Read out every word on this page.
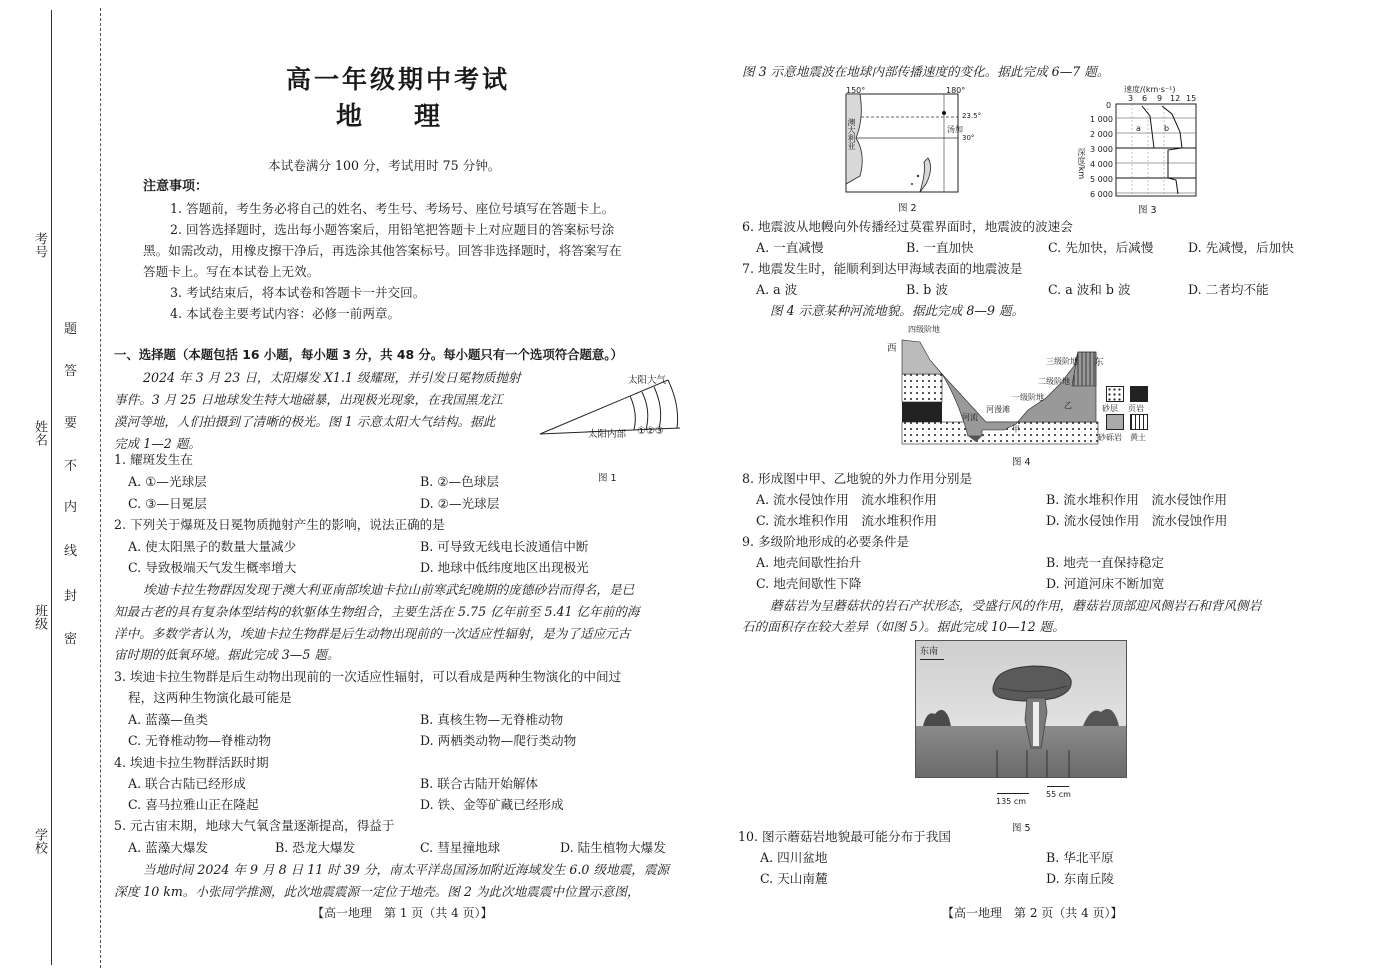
考号
姓名
班级
学校
题
答
要
不
内
线
封
密
高一年级期中考试
地　　理
本试卷满分 100 分，考试用时 75 分钟。
注意事项：
1. 答题前，考生务必将自己的姓名、考生号、考场号、座位号填写在答题卡上。
2. 回答选择题时，选出每小题答案后，用铅笔把答题卡上对应题目的答案标号涂
黑。如需改动，用橡皮擦干净后，再选涂其他答案标号。回答非选择题时，将答案写在
答题卡上。写在本试卷上无效。
3. 考试结束后，将本试卷和答题卡一并交回。
4. 本试卷主要考试内容：必修一前两章。
一、选择题（本题包括 16 小题，每小题 3 分，共 48 分。每小题只有一个选项符合题意。）
2024 年 3 月 23 日，太阳爆发 X1.1 级耀斑，并引发日冕物质抛射
事件。3 月 25 日地球发生特大地磁暴，出现极光现象，在我国黑龙江
漠河等地，人们拍摄到了清晰的极光。图 1 示意太阳大气结构。据此
完成 1—2 题。
太阳大气
太阳内部 ①②③
图 1
1. 耀斑发生在
A. ①—光球层	B. ②—色球层
C. ③—日冕层	D. ②—光球层
2. 下列关于爆斑及日冕物质抛射产生的影响，说法正确的是
A. 使太阳黑子的数量大量减少	B. 可导致无线电长波通信中断
C. 导致极端天气发生概率增大	D. 地球中低纬度地区出现极光
埃迪卡拉生物群因发现于澳大利亚南部埃迪卡拉山前寒武纪晚期的庞德砂岩而得名，是已
知最古老的具有复杂体型结构的软躯体生物组合，主要生活在 5.75 亿年前至 5.41 亿年前的海
洋中。多数学者认为，埃迪卡拉生物群是后生动物出现前的一次适应性辐射，是为了适应元古
宙时期的低氧环境。据此完成 3—5 题。
3. 埃迪卡拉生物群是后生动物出现前的一次适应性辐射，可以看成是两种生物演化的中间过
程，这两种生物演化最可能是
A. 蓝藻—鱼类	B. 真核生物—无脊椎动物
C. 无脊椎动物—脊椎动物	D. 两栖类动物—爬行类动物
4. 埃迪卡拉生物群活跃时期
A. 联合古陆已经形成	B. 联合古陆开始解体
C. 喜马拉雅山正在隆起	D. 铁、金等矿藏已经形成
5. 元古宙末期，地球大气氧含量逐渐提高，得益于
A. 蓝藻大爆发	B. 恐龙大爆发	C. 彗星撞地球	D. 陆生植物大爆发
当地时间 2024 年 9 月 8 日 11 时 39 分，南太平洋岛国汤加附近海域发生 6.0 级地震，震源
深度 10 km。小张同学推测，此次地震震源一定位于地壳。图 2 为此次地震震中位置示意图，
【高一地理　第 1 页（共 4 页）】
图 3 示意地震波在地球内部传播速度的变化。据此完成 6—7 题。
150°	180°
23.5°
30°
澳大利亚	汤加
图 2
速度/(km·s⁻¹)
3 6 9 12 15
0
1 000
2 000
3 000
4 000
5 000
6 000
深度/km
a	b
图 3
6. 地震波从地幔向外传播经过莫霍界面时，地震波的波速会
A. 一直减慢	B. 一直加快	C. 先加快，后减慢	D. 先减慢，后加快
7. 地震发生时，能顺利到达甲海域表面的地震波是
A. a 波	B. b 波	C. a 波和 b 波	D. 二者均不能
图 4 示意某种河流地貌。据此完成 8—9 题。
西
东
四级阶地
三级阶地
二级阶地
一级阶地
河漫滩
河流
甲
乙	砂层 页岩
砂砾岩 黄土
图 4
8. 形成图中甲、乙地貌的外力作用分别是
A. 流水侵蚀作用　流水堆积作用	B. 流水堆积作用　流水侵蚀作用
C. 流水堆积作用　流水堆积作用	D. 流水侵蚀作用　流水侵蚀作用
9. 多级阶地形成的必要条件是
A. 地壳间歇性抬升	B. 地壳一直保持稳定
C. 地壳间歇性下降	D. 河道河床不断加宽
蘑菇岩为呈蘑菇状的岩石产状形态，受盛行风的作用，蘑菇岩顶部迎风侧岩石和背风侧岩
石的面积存在较大差异（如图 5）。据此完成 10—12 题。
东南
135 cm
55 cm
图 5
10. 图示蘑菇岩地貌最可能分布于我国
A. 四川盆地	B. 华北平原
C. 天山南麓	D. 东南丘陵
【高一地理　第 2 页（共 4 页）】
